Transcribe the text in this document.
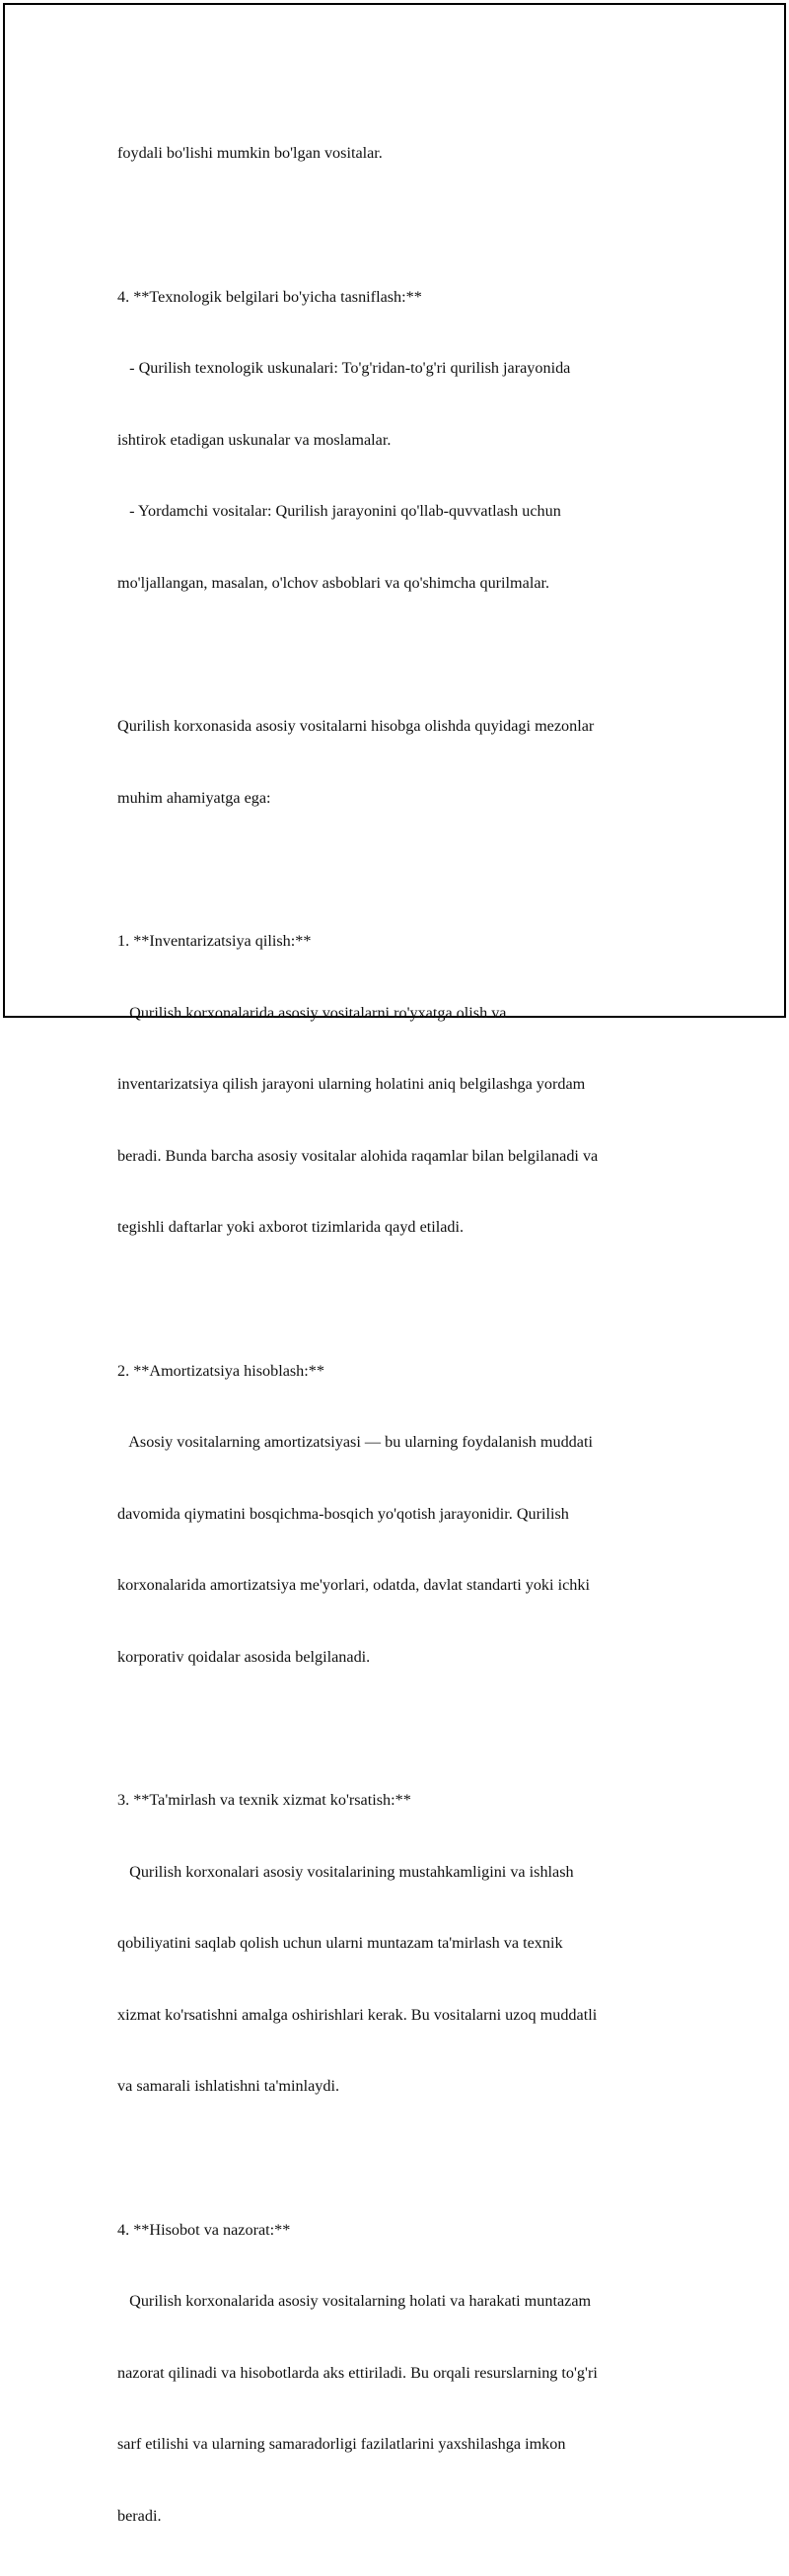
foydali bo'lishi mumkin bo'lgan vositalar.

4. **Texnologik belgilari bo'yicha tasniflash:**

- Qurilish texnologik uskunalari: To'g'ridan-to'g'ri qurilish jarayonida

ishtirok etadigan uskunalar va moslamalar.

- Yordamchi vositalar: Qurilish jarayonini qo'llab-quvvatlash uchun

mo'ljallangan, masalan, o'lchov asboblari va qo'shimcha qurilmalar.

Qurilish korxonasida asosiy vositalarni hisobga olishda quyidagi mezonlar

muhim ahamiyatga ega:

1. **Inventarizatsiya qilish:**

Qurilish korxonalarida asosiy vositalarni ro'yxatga olish va

inventarizatsiya qilish jarayoni ularning holatini aniq belgilashga yordam

beradi. Bunda barcha asosiy vositalar alohida raqamlar bilan belgilanadi va

tegishli daftarlar yoki axborot tizimlarida qayd etiladi.

2. **Amortizatsiya hisoblash:**

Asosiy vositalarning amortizatsiyasi — bu ularning foydalanish muddati

davomida qiymatini bosqichma-bosqich yo'qotish jarayonidir. Qurilish

korxonalarida amortizatsiya me'yorlari, odatda, davlat standarti yoki ichki

korporativ qoidalar asosida belgilanadi.

3. **Ta'mirlash va texnik xizmat ko'rsatish:**

Qurilish korxonalari asosiy vositalarining mustahkamligini va ishlash

qobiliyatini saqlab qolish uchun ularni muntazam ta'mirlash va texnik

xizmat ko'rsatishni amalga oshirishlari kerak. Bu vositalarni uzoq muddatli

va samarali ishlatishni ta'minlaydi.

4. **Hisobot va nazorat:**

Qurilish korxonalarida asosiy vositalarning holati va harakati muntazam

nazorat qilinadi va hisobotlarda aks ettiriladi. Bu orqali resurslarning to'g'ri

sarf etilishi va ularning samaradorligi fazilatlarini yaxshilashga imkon

beradi.
